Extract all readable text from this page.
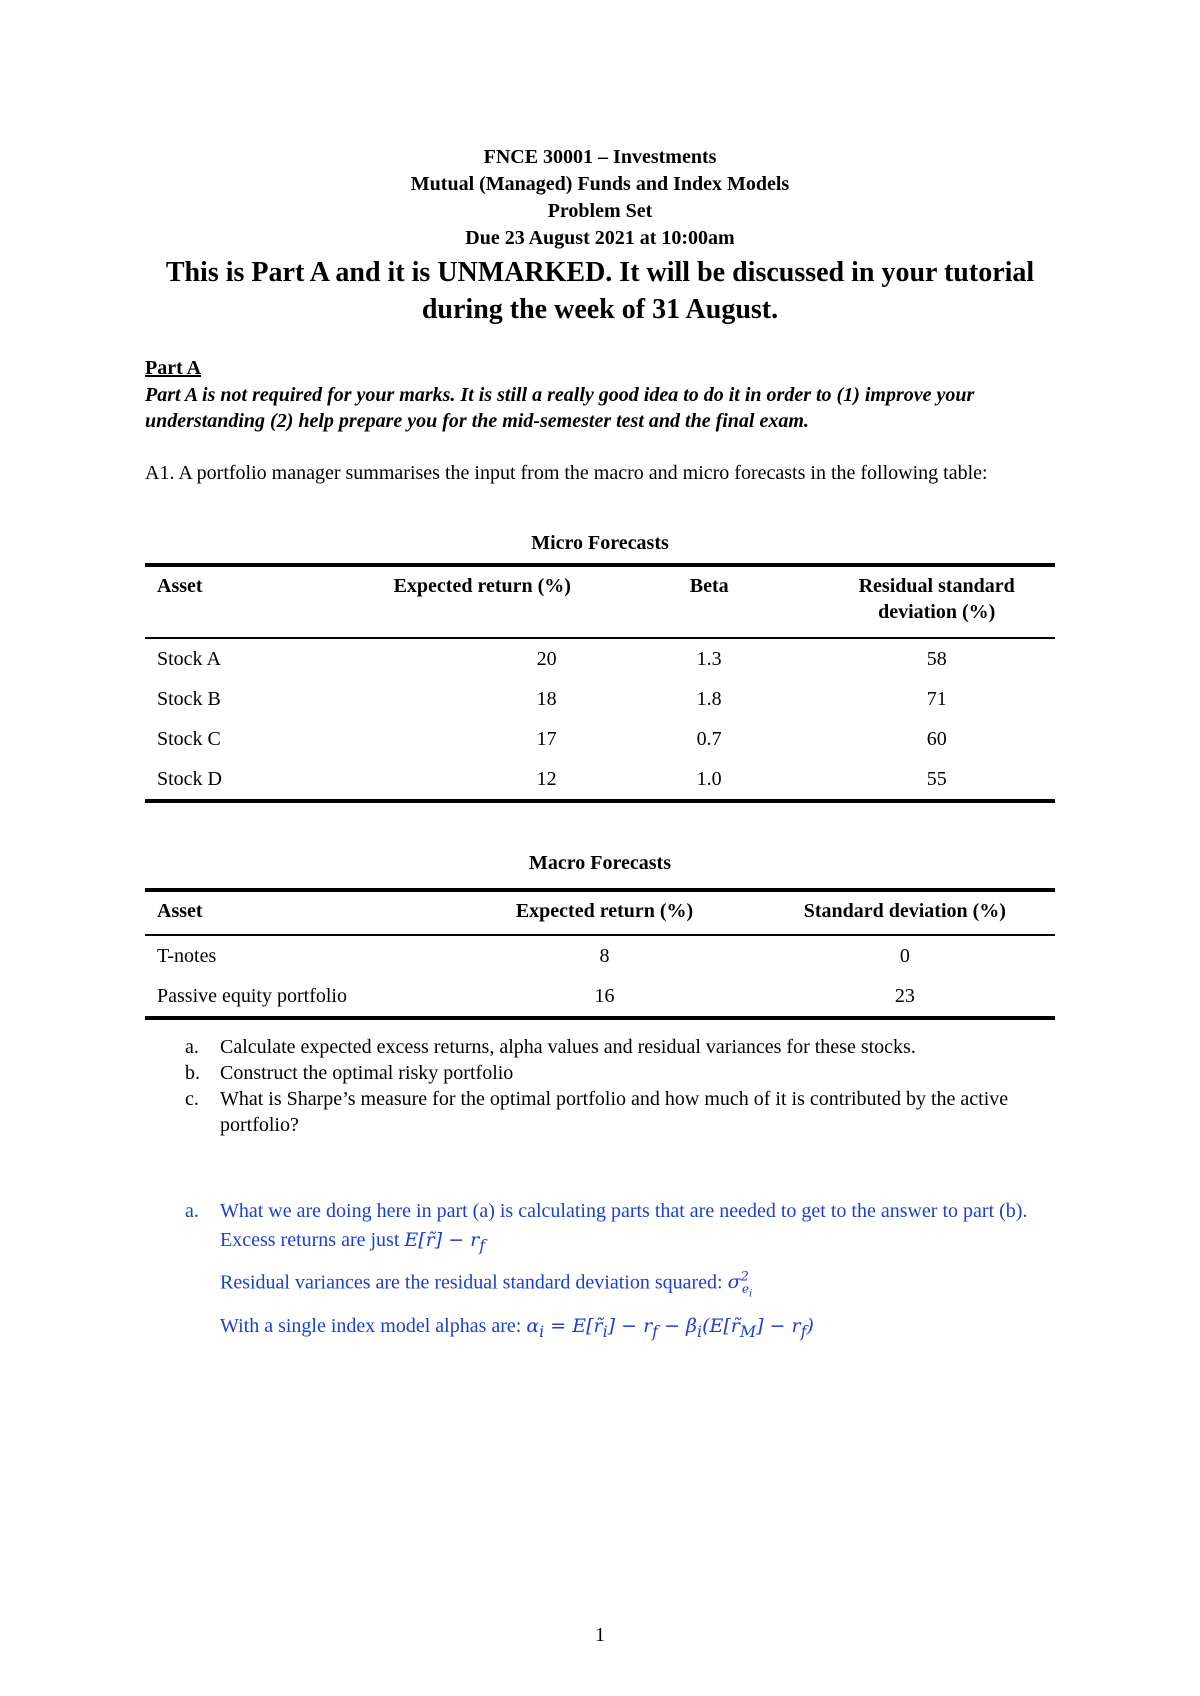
FNCE 30001 – Investments
Mutual (Managed) Funds and Index Models
Problem Set
Due 23 August 2021 at 10:00am
This is Part A and it is UNMARKED. It will be discussed in your tutorial during the week of 31 August.
Part A
Part A is not required for your marks. It is still a really good idea to do it in order to (1) improve your understanding (2) help prepare you for the mid-semester test and the final exam.
A1. A portfolio manager summarises the input from the macro and micro forecasts in the following table:
Micro Forecasts
Asset	Expected return (%)	Beta	Residual standard deviation (%)
Stock A	20	1.3	58
Stock B	18	1.8	71
Stock C	17	0.7	60
Stock D	12	1.0	55
Macro Forecasts
Asset	Expected return (%)	Standard deviation (%)
T-notes	8	0
Passive equity portfolio	16	23
a. Calculate expected excess returns, alpha values and residual variances for these stocks.
b. Construct the optimal risky portfolio
c. What is Sharpe’s measure for the optimal portfolio and how much of it is contributed by the active portfolio?
a. What we are doing here in part (a) is calculating parts that are needed to get to the answer to part (b).
Excess returns are just E[r̃] − $r_f$
Residual variances are the residual standard deviation squared: $\sigma^2_{e_i}$
With a single index model alphas are: $\alpha_i$ = $E[r̃_i] - r_f$ − $\beta_i(E[r̃_M] - r_f)$
1
